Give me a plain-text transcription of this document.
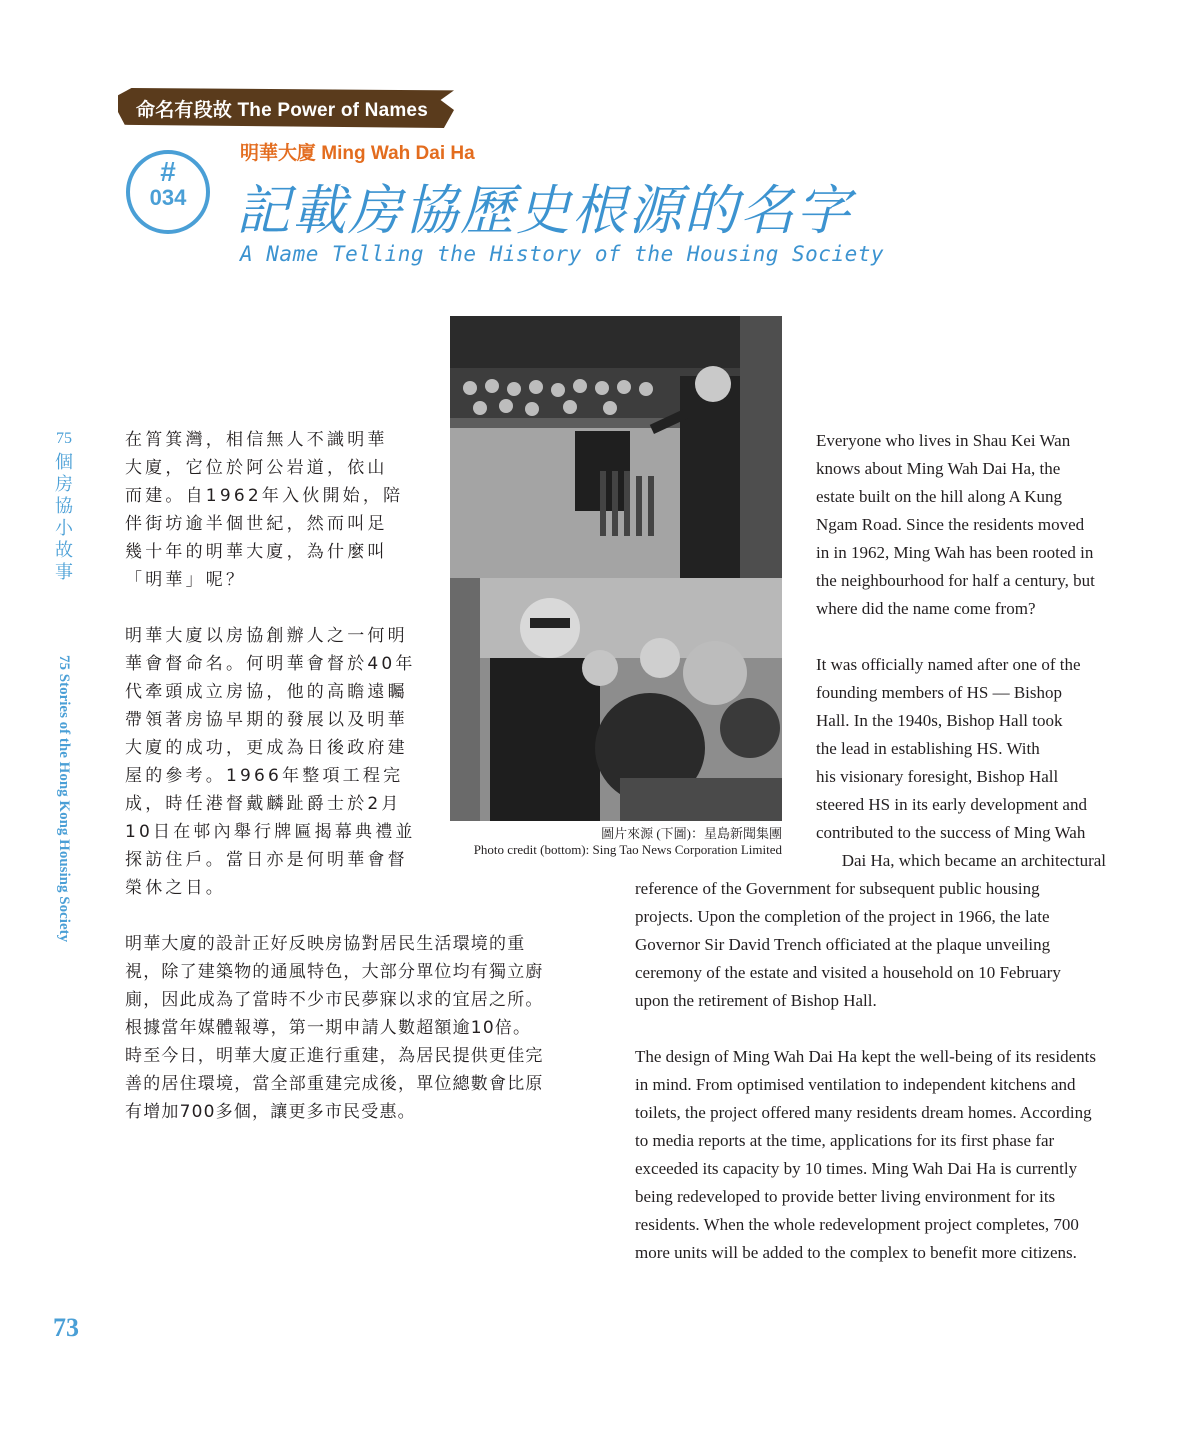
命名有段故 The Power of Names
明華大廈 Ming Wah Dai Ha
#
034 記載房協歷史根源的名字
A Name Telling the History of the Housing Society
75
個
房
協
小
故
事
75 Stories of the Hong Kong Housing Society
73
在筲箕灣，相信無人不識明華
大廈，它位於阿公岩道，依山
而建。自1962年入伙開始，陪
伴街坊逾半個世紀，然而叫足
幾十年的明華大廈，為什麼叫
「明華」呢？
明華大廈以房協創辦人之一何明
華會督命名。何明華會督於40年
代牽頭成立房協，他的高瞻遠矚
帶領著房協早期的發展以及明華
大廈的成功，更成為日後政府建
屋的參考。1966年整項工程完
成，時任港督戴麟趾爵士於2月
10日在邨內舉行牌匾揭幕典禮並
探訪住戶。當日亦是何明華會督
榮休之日。
明華大廈的設計正好反映房協對居民生活環境的重
視，除了建築物的通風特色，大部分單位均有獨立廚
廁，因此成為了當時不少市民夢寐以求的宜居之所。
根據當年媒體報導，第一期申請人數超額逾10倍。
時至今日，明華大廈正進行重建，為居民提供更佳完
善的居住環境，當全部重建完成後，單位總數會比原
有增加700多個，讓更多市民受惠。
圖片來源 (下圖)：星島新聞集團
Photo credit (bottom): Sing Tao News Corporation Limited
Everyone who lives in Shau Kei Wan
knows about Ming Wah Dai Ha, the
estate built on the hill along A Kung
Ngam Road. Since the residents moved
in in 1962, Ming Wah has been rooted in
the neighbourhood for half a century, but
where did the name come from?
It was officially named after one of the
founding members of HS — Bishop
Hall. In the 1940s, Bishop Hall took
the lead in establishing HS. With
his visionary foresight, Bishop Hall
steered HS in its early development and
contributed to the success of Ming Wah
Dai Ha, which became an architectural
reference of the Government for subsequent public housing
projects. Upon the completion of the project in 1966, the late
Governor Sir David Trench officiated at the plaque unveiling
ceremony of the estate and visited a household on 10 February
upon the retirement of Bishop Hall.
The design of Ming Wah Dai Ha kept the well-being of its residents
in mind. From optimised ventilation to independent kitchens and
toilets, the project offered many residents dream homes. According
to media reports at the time, applications for its first phase far
exceeded its capacity by 10 times. Ming Wah Dai Ha is currently
being redeveloped to provide better living environment for its
residents. When the whole redevelopment project completes, 700
more units will be added to the complex to benefit more citizens.
